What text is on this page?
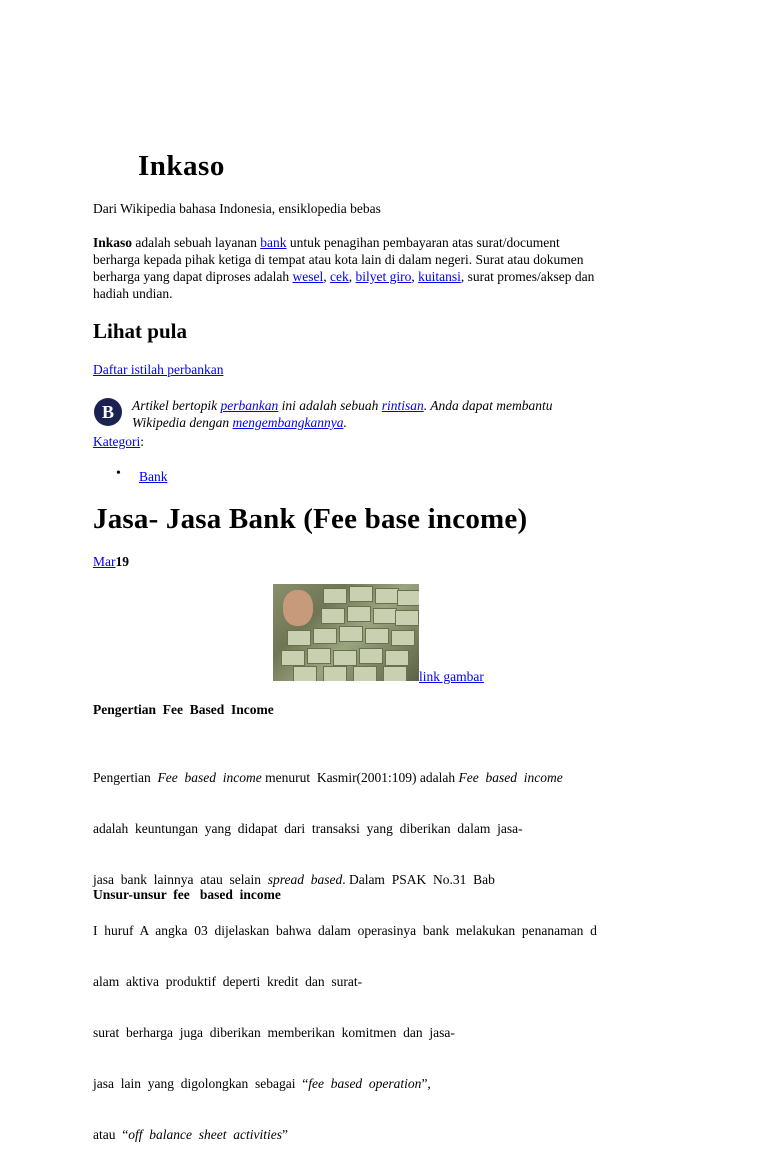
Inkaso

Dari Wikipedia bahasa Indonesia, ensiklopedia bebas

Inkaso adalah sebuah layanan bank untuk penagihan pembayaran atas surat/document
berharga kepada pihak ketiga di tempat atau kota lain di dalam negeri. Surat atau dokumen
berharga yang dapat diproses adalah wesel, cek, bilyet giro, kuitansi, surat promes/aksep dan
hadiah undian.
Lihat pula
Daftar istilah perbankan
B	Artikel bertopik perbankan ini adalah sebuah rintisan. Anda dapat membantu
Wikipedia dengan mengembangkannya.
Kategori:
• Bank
Jasa- Jasa Bank (Fee base income)
Mar19
link gambar
Pengertian  Fee  Based  Income

Pengertian  Fee  based  income menurut  Kasmir(2001:109) adalah Fee  based  income

adalah  keuntungan  yang  didapat  dari  transaksi  yang  diberikan  dalam  jasa-

jasa  bank  lainnya  atau  selain  spread  based. Dalam  PSAK  No.31  Bab

I  huruf  A  angka  03  dijelaskan  bahwa  dalam  operasinya  bank  melakukan  penanaman  d

alam  aktiva  produktif  deperti  kredit  dan  surat-

surat  berharga  juga  diberikan  memberikan  komitmen  dan  jasa-

jasa  lain  yang  digolongkan  sebagai  “fee  based  operation”,

atau  “off  balance  sheet  activities”

Unsur-unsur  fee   based  income
